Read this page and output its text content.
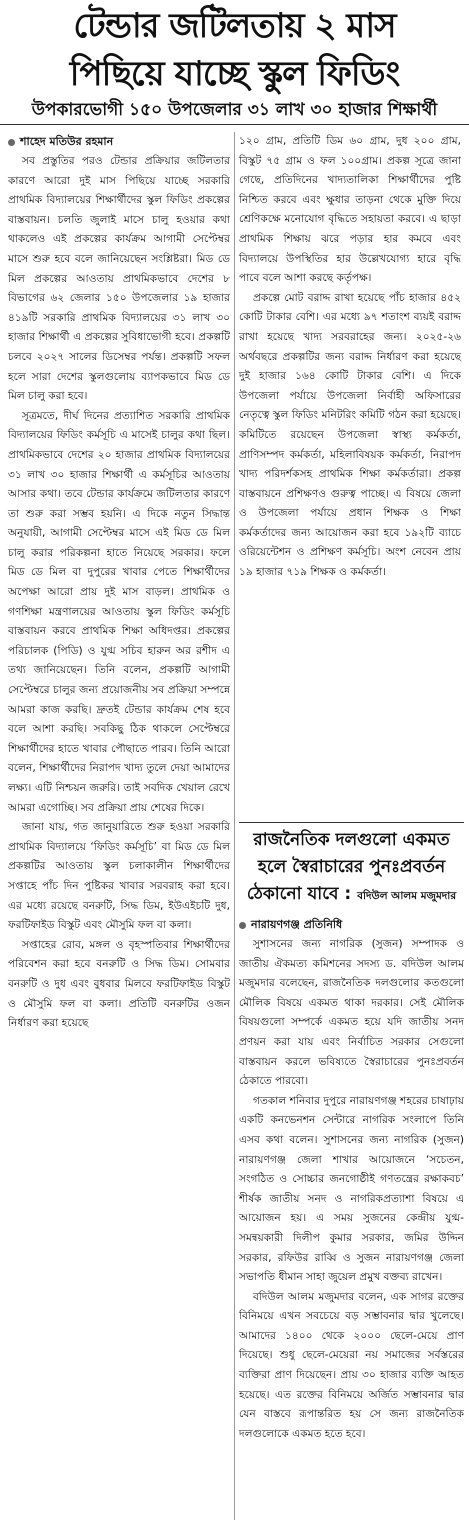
টেন্ডার জটিলতায় ২ মাস
পিছিয়ে যাচ্ছে স্কুল ফিডিং
উপকারভোগী ১৫০ উপজেলার ৩১ লাখ ৩০ হাজার শিক্ষার্থী
শাহেদ মতিউর রহমান

সব প্রস্তুতির পরও টেন্ডার প্রক্রিয়ার জটিলতার কারণে আরো দুই মাস পিছিয়ে যাচ্ছে সরকারি প্রাথমিক বিদ্যালয়ের শিক্ষার্থীদের স্কুল ফিডিং প্রকল্পের বাস্তবায়ন। চলতি জুলাই মাসে চালু হওয়ার কথা থাকলেও এই প্রকল্পের কার্যক্রম আগামী সেপ্টেম্বর মাসে শুরু হবে বলে জানিয়েছেন সংশ্লিষ্টরা। মিড ডে মিল প্রকল্পের আওতায় প্রাথমিকভাবে দেশের ৮ বিভাগের ৬২ জেলার ১৫০ উপজেলার ১৯ হাজার ৪১৯টি সরকারি প্রাথমিক বিদ্যালয়ের ৩১ লাখ ৩০ হাজার শিক্ষার্থী এ প্রকল্পের সুবিধাভোগী হবে। প্রকল্পটি চলবে ২০২৭ সালের ডিসেম্বর পর্যন্ত। প্রকল্পটি সফল হলে সারা দেশের স্কুলগুলোয় ব্যাপকভাবে মিড ডে মিল চালু করা হবে।

সূত্রমতে, দীর্ঘ দিনের প্রত্যাশিত সরকারি প্রাথমিক বিদ্যালয়ের ফিডিং কর্মসূচি এ মাসেই চালুর কথা ছিল। প্রাথমিকভাবে দেশের ২০ হাজার প্রাথমিক বিদ্যালয়ের ৩১ লাখ ৩০ হাজার শিক্ষার্থী এ কর্মসূচির আওতায় আসার কথা। তবে টেন্ডার কার্যক্রমে জটিলতার কারণে তা শুরু করা সম্ভব হয়নি। এ দিকে নতুন সিদ্ধান্ত অনুযায়ী, আগামী সেপ্টেম্বর মাসে এই মিড ডে মিল চালু করার পরিকল্পনা হাতে নিয়েছে সরকার। ফলে মিড ডে মিল বা দুপুরের খাবার পেতে শিক্ষার্থীদের অপেক্ষা আরো প্রায় দুই মাস বাড়ল। প্রাথমিক ও গণশিক্ষা মন্ত্রণালয়ের আওতায় স্কুল ফিডিং কর্মসূচি বাস্তবায়ন করবে প্রাথমিক শিক্ষা অধিদপ্তর। প্রকল্পের পরিচালক (পিডি) ও যুগ্ম সচিব হারুন অর রশীদ এ তথ্য জানিয়েছেন। তিনি বলেন, প্রকল্পটি আগামী সেপ্টেম্বরে চালুর জন্য প্রয়োজনীয় সব প্রক্রিয়া সম্পন্নে আমরা কাজ করছি। দ্রুতই টেন্ডার কার্যক্রম শেষ হবে বলে আশা করছি। সবকিছু ঠিক থাকলে সেপ্টেম্বরে শিক্ষার্থীদের হাতে খাবার পৌছাতে পারব। তিনি আরো বলেন, শিক্ষার্থীদের নিরাপদ খাদ্য তুলে দেয়া আমাদের লক্ষ্য। এটি নিশ্চয়ন জরুরি। তাই সবদিক খেয়াল রেখে আমরা এগোচ্ছি। সব প্রক্রিয়া প্রায় শেষের দিকে।

জানা যায়, গত জানুয়ারিতে শুরু হওয়া সরকারি প্রাথমিক বিদ্যালয়ে ‘ফিডিং কর্মসূচি’ বা মিড ডে মিল প্রকল্পটির আওতায় স্কুল চলাকালীন শিক্ষার্থীদের সপ্তাহে পাঁচ দিন পুষ্টিকর খাবার সরবরাহ করা হবে। এর মধ্যে রয়েছে বনরুটি, সিদ্ধ ডিম, ইউএইচটি দুধ, ফরটিফাইড বিস্কুট এবং মৌসুমি ফল বা কলা।

সপ্তাহের রোব, মঙ্গল ও বৃহস্পতিবার শিক্ষার্থীদের পরিবেশন করা হবে বনরুটি ও সিদ্ধ ডিম। সোমবার বনরুটি ও দুধ এবং বুধবার মিলবে ফরটিফাইড বিস্কুট ও মৌসুমি ফল বা কলা। প্রতিটি বনরুটির ওজন নির্ধারণ করা হয়েছে

১২০ গ্রাম, প্রতিটি ডিম ৬০ গ্রাম, দুধ ২০০ গ্রাম, বিস্কুট ৭৫ গ্রাম ও ফল ১০০গ্রাম। প্রকল্প সূত্রে জানা গেছে, প্রতিদিনের খাদ্যতালিকা শিক্ষার্থীদের পুষ্টি নিশ্চিত করবে এবং ক্ষুধার তাড়না থেকে মুক্তি দিয়ে শ্রেণিকক্ষে মনোযোগ বৃদ্ধিতে সহায়তা করবে। এ ছাড়া প্রাথমিক শিক্ষায় ঝরে পড়ার হার কমবে এবং বিদ্যালয়ে উপস্থিতির হার উল্লেখযোগ্য হারে বৃদ্ধি পাবে বলে আশা করছে কর্তৃপক্ষ।

প্রকল্পে মোট বরাদ্দ রাখা হয়েছে পাঁচ হাজার ৪৫২ কোটি টাকার বেশি। এর মধ্যে ৯৭ শতাংশ ব্যয়ই বরাদ্দ রাখা হয়েছে খাদ্য সরবরাহের জন্য। ২০২৫-২৬ অর্থবছরে প্রকল্পটির জন্য বরাদ্দ নির্ধারণ করা হয়েছে দুই হাজার ১৬৪ কোটি টাকার বেশি। এ দিকে উপজেলা পর্যায়ে উপজেলা নির্বাহী অফিসারের নেতৃত্বে স্কুল ফিডিং মনিটরিং কমিটি গঠন করা হয়েছে। কমিটিতে রয়েছেন উপজেলা স্বাস্থ্য কর্মকর্তা, প্রাণিসম্পদ কর্মকর্তা, মহিলাবিষয়ক কর্মকর্তা, নিরাপদ খাদ্য পরিদর্শকসহ প্রাথমিক শিক্ষা কর্মকর্তারা। প্রকল্প বাস্তবায়নে প্রশিক্ষণও গুরুত্ব পাচ্ছে। এ বিষয়ে জেলা ও উপজেলা পর্যায়ে প্রধান শিক্ষক ও শিক্ষা কর্মকর্তাদের জন্য আয়োজন করা হবে ১৯২টি ব্যাচে ওরিয়েন্টেশন ও প্রশিক্ষণ কর্মসূচি। অংশ নেবেন প্রায় ১৯ হাজার ৭১৯ শিক্ষক ও কর্মকর্তা।

রাজনৈতিক দলগুলো একমত হলে স্বৈরাচারের পুনঃপ্রবর্তন ঠেকানো যাবে : বদিউল আলম মজুমদার
নারায়ণগঞ্জ প্রতিনিধি

সুশাসনের জন্য নাগরিক (সুজন) সম্পাদক ও জাতীয় ঐকমত্য কমিশনের সদস্য ড. বদিউল আলম মজুমদার বলেছেন, রাজনৈতিক দলগুলোর কতগুলো মৌলিক বিষয়ে একমত থাকা দরকার। সেই মৌলিক বিষয়গুলো সম্পর্কে একমত হয়ে যদি জাতীয় সনদ প্রণয়ন করা যায় এবং নির্বাচিত সরকার সেগুলো বাস্তবায়ন করলে ভবিষ্যতে স্বৈরাচারের পুনঃপ্রবর্তন ঠেকাতে পারবো।

গতকাল শনিবার দুপুরে নারায়ণগঞ্জ শহরের চাষাঢ়ায় একটি কনভেনশন সেন্টারে নাগরিক সংলাপে তিনি এসব কথা বলেন। সুশাসনের জন্য নাগরিক (সুজন) নারায়ণগঞ্জ জেলা শাখার আয়োজনে ‘সচেতন, সংগঠিত ও সোচ্চার জনগোষ্ঠীই গণতন্ত্রের রক্ষাকবচ’ শীর্ষক জাতীয় সনদ ও নাগরিকপ্রত্যাশা বিষয়ে এ আয়োজন হয়। এ সময় সুজনের কেন্দ্রীয় যুগ্ম-সমন্বয়কারী দিলীপ কুমার সরকার, জমির উদ্দিন সরকার, রফিউর রাব্বি ও সুজন নারায়ণগঞ্জ জেলা সভাপতি ধীমান সাহা জুয়েল প্রমুখ বক্তব্য রাখেন।

বদিউল আলম মজুমদার বলেন, এক সাগর রক্তের বিনিময়ে এখন সবচেয়ে বড় সম্ভাবনার দ্বার খুলেছে। আমাদের ১৪০০ থেকে ২০০০ ছেলে-মেয়ে প্রাণ দিয়েছে। শুধু ছেলে-মেয়েরা নয় সমাজের সর্বস্তরের ব্যক্তিরা প্রাণ দিয়েছেন। প্রায় ৩০ হাজার ব্যক্তি আহত হয়েছে। এত রক্তের বিনিময়ে অর্জিত সম্ভাবনার দ্বার যেন বাস্তবে রূপান্তরিত হয় সে জন্য রাজনৈতিক দলগুলোকে একমত হতে হবে।
